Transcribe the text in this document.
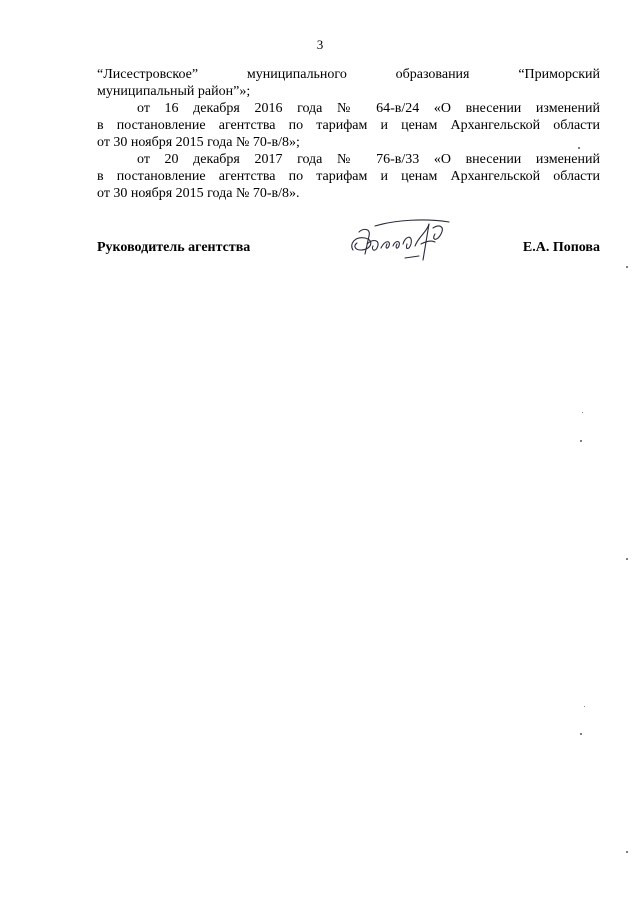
3
“Лисестровское”	муниципального	образования	“Приморский
муниципальный район”»;
от 16 декабря 2016 года № 64-в/24 «О внесении изменений
в постановление агентства по тарифам и ценам Архангельской области
от 30 ноября 2015 года № 70-в/8»;
от 20 декабря 2017 года № 76-в/33 «О внесении изменений
в постановление агентства по тарифам и ценам Архангельской области
от 30 ноября 2015 года № 70-в/8».
Руководитель агентства	Е.А. Попова
